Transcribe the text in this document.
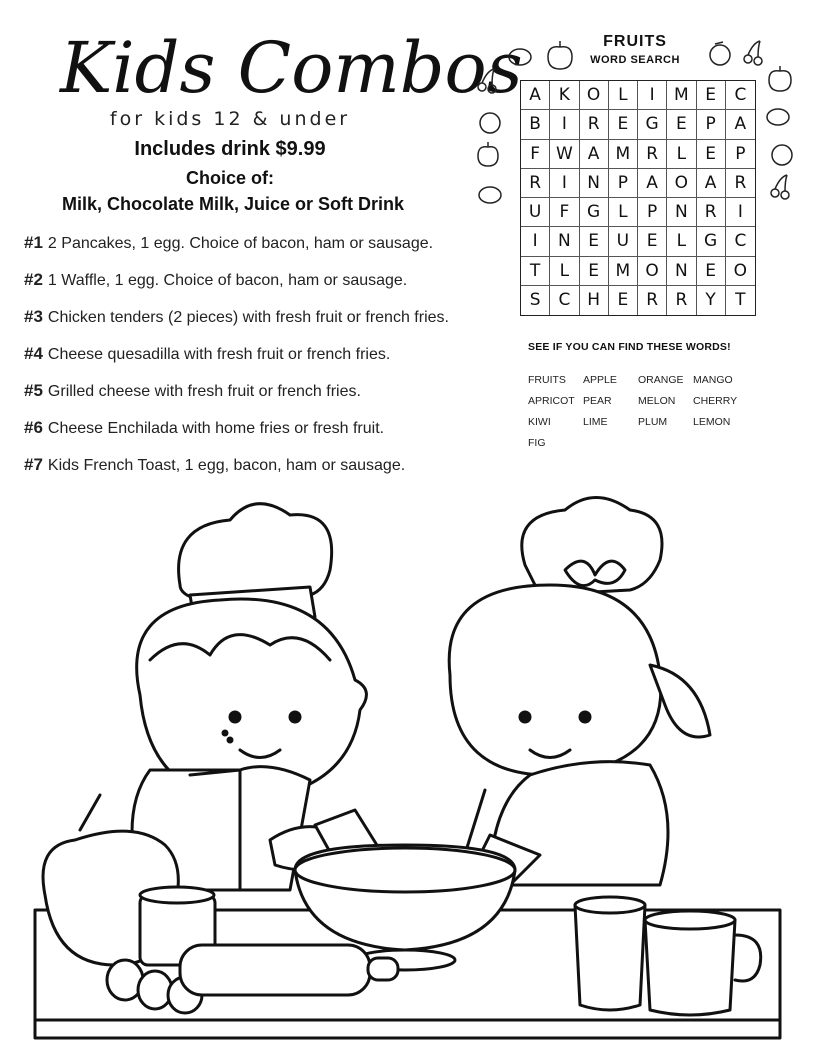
Kids Combos
for kids 12 & under
Includes drink $9.99
Choice of:
Milk, Chocolate Milk, Juice or Soft Drink
#1 2 Pancakes, 1 egg. Choice of bacon, ham or sausage.
#2 1 Waffle, 1 egg. Choice of bacon, ham or sausage.
#3 Chicken tenders (2 pieces) with fresh fruit or french fries.
#4 Cheese quesadilla with fresh fruit or french fries.
#5 Grilled cheese with fresh fruit or french fries.
#6 Cheese Enchilada with home fries or fresh fruit.
#7 Kids French Toast, 1 egg, bacon, ham or sausage.
FRUITS
WORD SEARCH
A	K O	L	I	M E	C
B	I	R	E	G	E	P	A
F W A M R	L	E	P
R	I	N	P	A O A	R
U	F	G	L	P	N R	I
I	N	E	U	E	L	G	C
T	L	E M O N	E	O
S	C H	E	R	R	Y	T
SEE IF YOU CAN FIND THESE WORDS!
FRUITS	APPLE	ORANGE MANGO
APRICOT PEAR	MELON	CHERRY
KIWI	LIME	PLUM	LEMON
FIG
